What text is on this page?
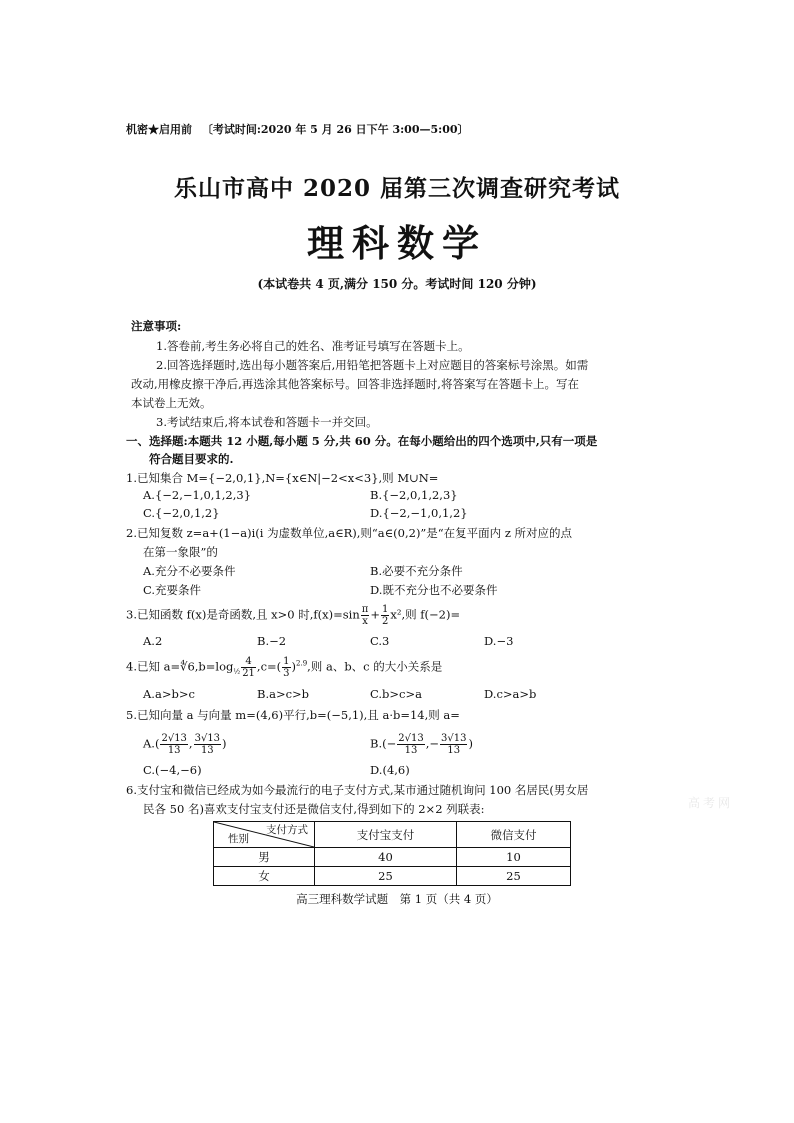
机密★启用前 〔考试时间:2020 年 5 月 26 日下午 3:00—5:00〕
乐山市高中 2020 届第三次调查研究考试
理科数学
(本试卷共 4 页,满分 150 分。考试时间 120 分钟)
注意事项:
1.答卷前,考生务必将自己的姓名、准考证号填写在答题卡上。
2.回答选择题时,选出每小题答案后,用铅笔把答题卡上对应题目的答案标号涂黑。如需
改动,用橡皮擦干净后,再选涂其他答案标号。回答非选择题时,将答案写在答题卡上。写在
本试卷上无效。
3.考试结束后,将本试卷和答题卡一并交回。
一、选择题:本题共 12 小题,每小题 5 分,共 60 分。在每小题给出的四个选项中,只有一项是
符合题目要求的.
1.已知集合 M={−2,0,1},N={x∈N|−2<x<3},则 M∪N=
A.{−2,−1,0,1,2,3}	B.{−2,0,1,2,3}
C.{−2,0,1,2}	D.{−2,−1,0,1,2}
2.已知复数 z=a+(1−a)i(i 为虚数单位,a∈R),则“a∈(0,2)”是“在复平面内 z 所对应的点
在第一象限”的
A.充分不必要条件	B.必要不充分条件
C.充要条件	D.既不充分也不必要条件
3.已知函数 f(x)是奇函数,且 x>0 时$,f(x)=\sin \frac{\pi}{x} + \frac{1}{2} x^2$,则 f(−2)=
A.2	B.−2	C.3	D.−3
4.已知 $a=∜6,b=\log_{\frac{1}{2}} \frac{4}{21} ,c=( \frac{1}{3} )^{2.9}$,则 a、b、c 的大小关系是
A.a>b>c	B.a>c>b	C.b>c>a	D.c>a>b
5.已知向量 a 与向量 m=(4,6)平行,b=(−5,1),且 a·b=14,则 a=
$A.( \frac{2√13}{13}$ , $\frac{3√13}{13}$ )	$B.(- \frac{2√13}{13}$ ,− $\frac{3√13}{13}$ )
C.(−4,−6)	D.(4,6)
高考网
6.支付宝和微信已经成为如今最流行的电子支付方式,某市通过随机询问 100 名居民(男女居
民各 50 名)喜欢支付宝支付还是微信支付,得到如下的 2×2 列联表:
支付方式
性别	支付宝支付	微信支付
男	40	10
女	25	25
高三理科数学试题　第 1 页（共 4 页）
